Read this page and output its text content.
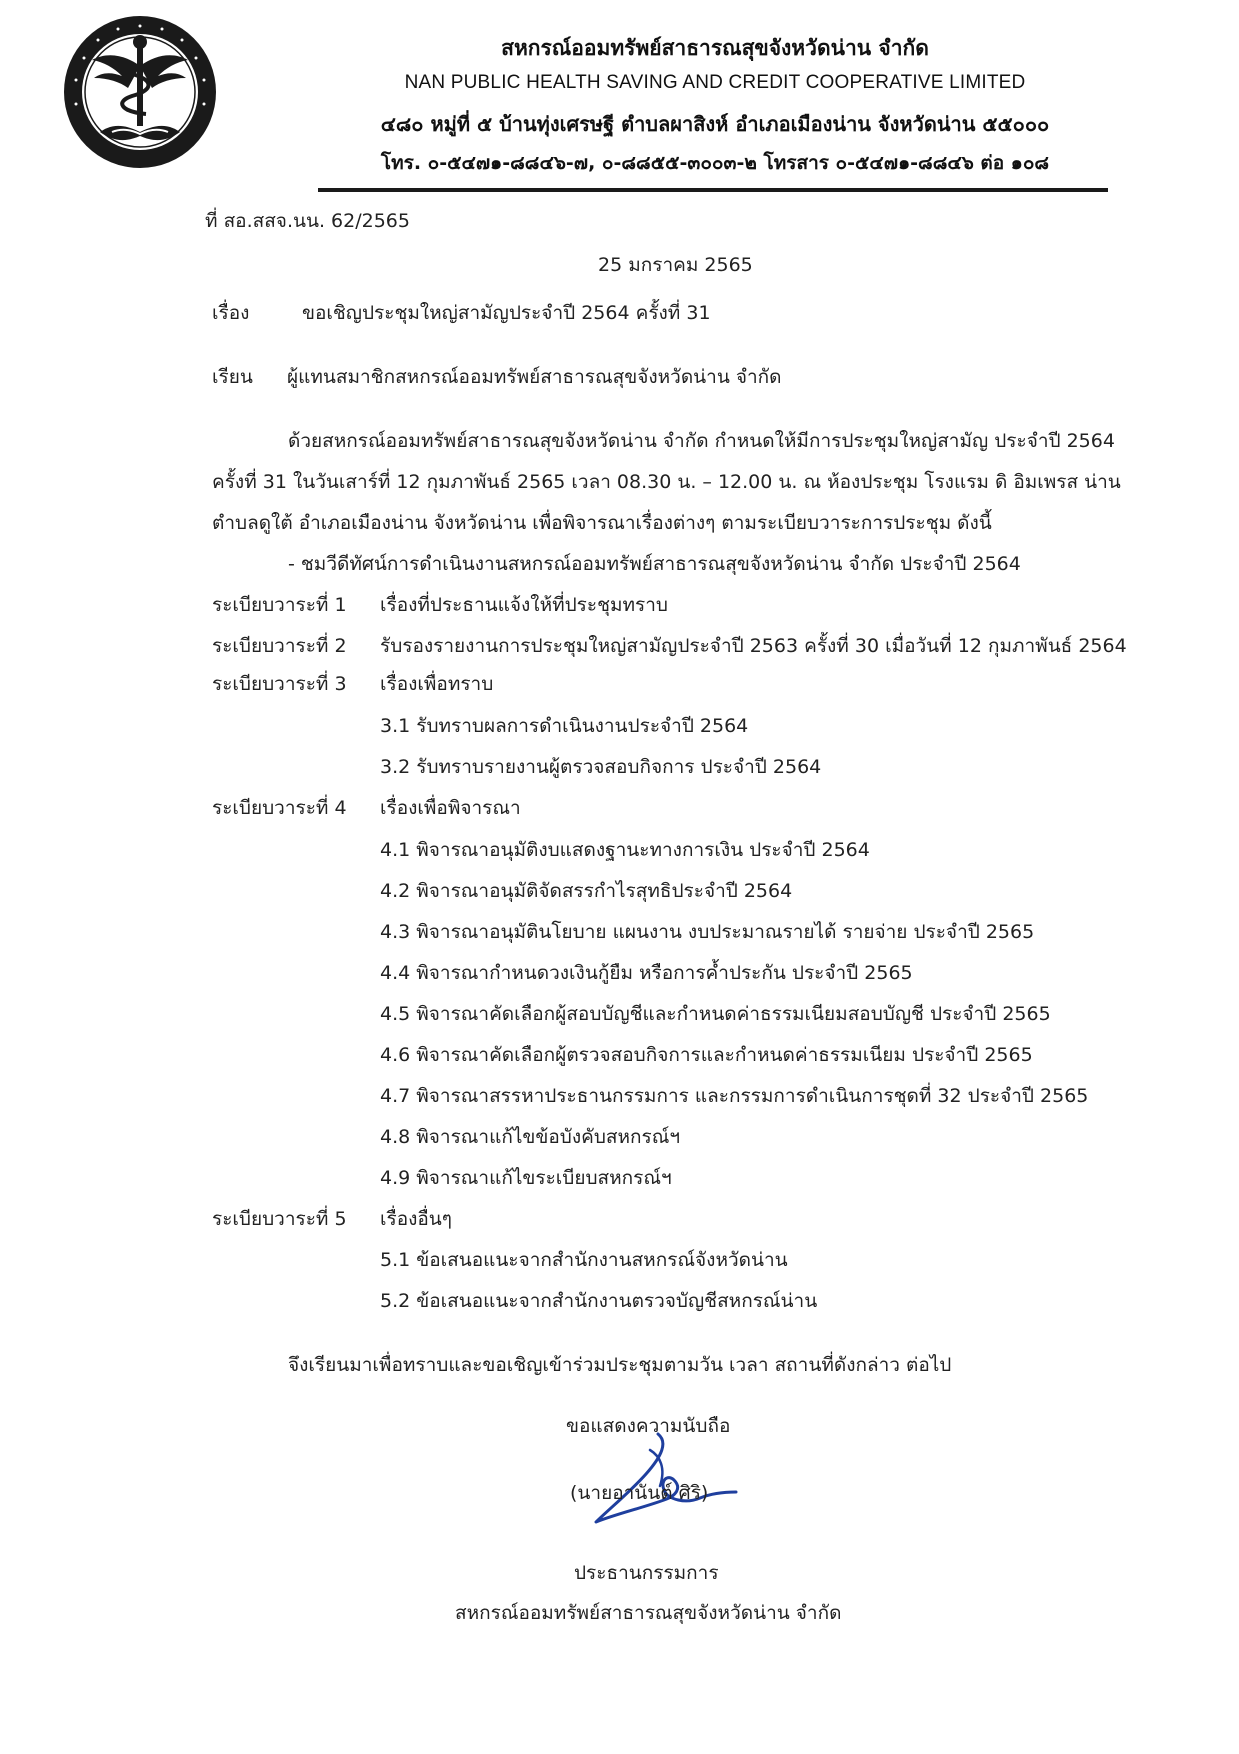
สหกรณ์ออมทรัพย์สาธารณสุขจังหวัดน่าน จำกัด
NAN PUBLIC HEALTH SAVING AND CREDIT COOPERATIVE LIMITED
๔๘๐ หมู่ที่ ๕ บ้านทุ่งเศรษฐี ตำบลผาสิงห์ อำเภอเมืองน่าน จังหวัดน่าน ๕๕๐๐๐
โทร. ๐-๕๔๗๑-๘๘๔๖-๗, ๐-๘๘๕๕-๓๐๐๓-๒ โทรสาร ๐-๕๔๗๑-๘๘๔๖ ต่อ ๑๐๘
ที่ สอ.สสจ.นน. 62/2565
25 มกราคม 2565
เรื่อง	ขอเชิญประชุมใหญ่สามัญประจำปี 2564 ครั้งที่ 31
เรียน ผู้แทนสมาชิกสหกรณ์ออมทรัพย์สาธารณสุขจังหวัดน่าน จำกัด
ด้วยสหกรณ์ออมทรัพย์สาธารณสุขจังหวัดน่าน จำกัด กำหนดให้มีการประชุมใหญ่สามัญ ประจำปี 2564
ครั้งที่ 31 ในวันเสาร์ที่ 12 กุมภาพันธ์ 2565 เวลา 08.30 น. – 12.00 น. ณ ห้องประชุม โรงแรม ดิ อิมเพรส น่าน
ตำบลดูใต้ อำเภอเมืองน่าน จังหวัดน่าน เพื่อพิจารณาเรื่องต่างๆ ตามระเบียบวาระการประชุม ดังนี้
- ชมวีดีทัศน์การดำเนินงานสหกรณ์ออมทรัพย์สาธารณสุขจังหวัดน่าน จำกัด ประจำปี 2564
ระเบียบวาระที่ 1 เรื่องที่ประธานแจ้งให้ที่ประชุมทราบ
ระเบียบวาระที่ 2 รับรองรายงานการประชุมใหญ่สามัญประจำปี 2563 ครั้งที่ 30 เมื่อวันที่ 12 กุมภาพันธ์ 2564
ระเบียบวาระที่ 3 เรื่องเพื่อทราบ
3.1 รับทราบผลการดำเนินงานประจำปี 2564
3.2 รับทราบรายงานผู้ตรวจสอบกิจการ ประจำปี 2564
ระเบียบวาระที่ 4 เรื่องเพื่อพิจารณา
4.1 พิจารณาอนุมัติงบแสดงฐานะทางการเงิน ประจำปี 2564
4.2 พิจารณาอนุมัติจัดสรรกำไรสุทธิประจำปี 2564
4.3 พิจารณาอนุมัตินโยบาย แผนงาน งบประมาณรายได้ รายจ่าย ประจำปี 2565
4.4 พิจารณากำหนดวงเงินกู้ยืม หรือการค้ำประกัน ประจำปี 2565
4.5 พิจารณาคัดเลือกผู้สอบบัญชีและกำหนดค่าธรรมเนียมสอบบัญชี ประจำปี 2565
4.6 พิจารณาคัดเลือกผู้ตรวจสอบกิจการและกำหนดค่าธรรมเนียม ประจำปี 2565
4.7 พิจารณาสรรหาประธานกรรมการ และกรรมการดำเนินการชุดที่ 32 ประจำปี 2565
4.8 พิจารณาแก้ไขข้อบังคับสหกรณ์ฯ
4.9 พิจารณาแก้ไขระเบียบสหกรณ์ฯ
ระเบียบวาระที่ 5 เรื่องอื่นๆ
5.1 ข้อเสนอแนะจากสำนักงานสหกรณ์จังหวัดน่าน
5.2 ข้อเสนอแนะจากสำนักงานตรวจบัญชีสหกรณ์น่าน
จึงเรียนมาเพื่อทราบและขอเชิญเข้าร่วมประชุมตามวัน เวลา สถานที่ดังกล่าว ต่อไป
ขอแสดงความนับถือ
(นายอานันต์ ศิริ)
ประธานกรรมการ
สหกรณ์ออมทรัพย์สาธารณสุขจังหวัดน่าน จำกัด
